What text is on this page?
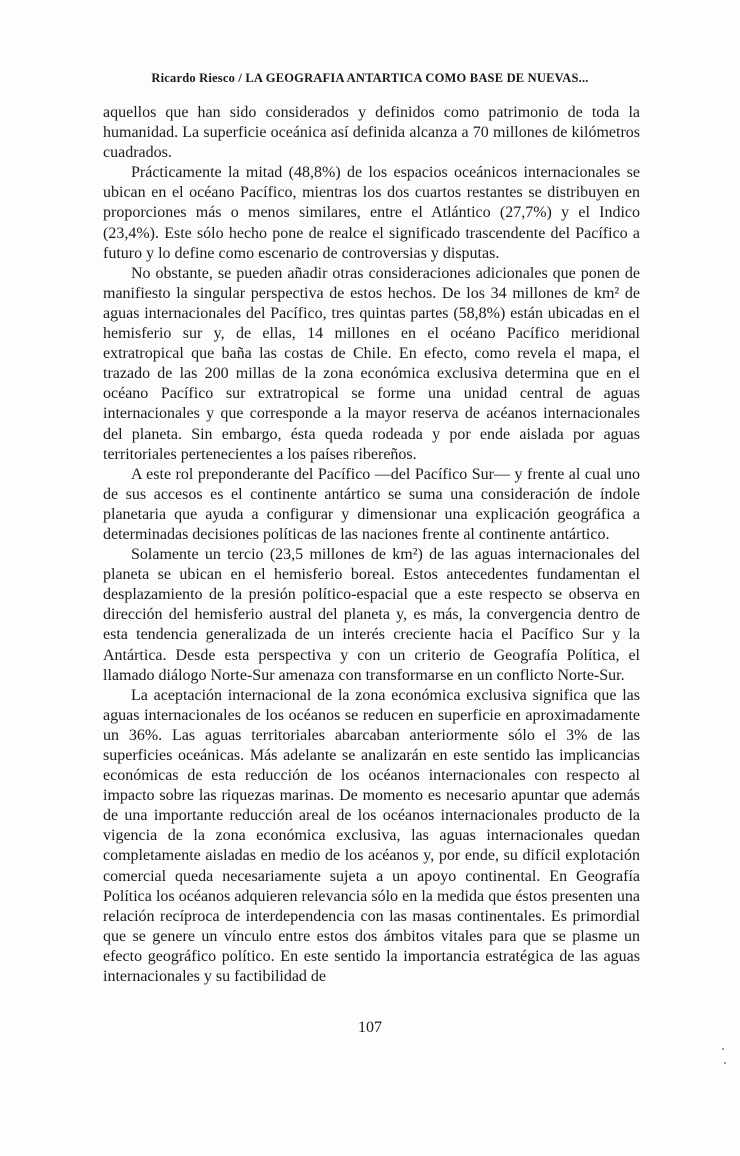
Ricardo Riesco / LA GEOGRAFIA ANTARTICA COMO BASE DE NUEVAS...

aquellos que han sido considerados y definidos como patrimonio de toda la humanidad. La superficie oceánica así definida alcanza a 70 millones de kilómetros cuadrados.

Prácticamente la mitad (48,8%) de los espacios oceánicos internacionales se ubican en el océano Pacífico, mientras los dos cuartos restantes se distribuyen en proporciones más o menos similares, entre el Atlántico (27,7%) y el Indico (23,4%). Este sólo hecho pone de realce el significado trascendente del Pacífico a futuro y lo define como escenario de controversias y disputas.

No obstante, se pueden añadir otras consideraciones adicionales que ponen de manifiesto la singular perspectiva de estos hechos. De los 34 millones de km² de aguas internacionales del Pacífico, tres quintas partes (58,8%) están ubicadas en el hemisferio sur y, de ellas, 14 millones en el océano Pacífico meridional extratropical que baña las costas de Chile. En efecto, como revela el mapa, el trazado de las 200 millas de la zona económica exclusiva determina que en el océano Pacífico sur extratropical se forme una unidad central de aguas internacionales y que corresponde a la mayor reserva de acéanos internacionales del planeta. Sin embargo, ésta queda rodeada y por ende aislada por aguas territoriales pertenecientes a los países ribereños.

A este rol preponderante del Pacífico —del Pacífico Sur— y frente al cual uno de sus accesos es el continente antártico se suma una consideración de índole planetaria que ayuda a configurar y dimensionar una explicación geográfica a determinadas decisiones políticas de las naciones frente al continente antártico.

Solamente un tercio (23,5 millones de km²) de las aguas internacionales del planeta se ubican en el hemisferio boreal. Estos antecedentes fundamentan el desplazamiento de la presión político-espacial que a este respecto se observa en dirección del hemisferio austral del planeta y, es más, la convergencia dentro de esta tendencia generalizada de un interés creciente hacia el Pacífico Sur y la Antártica. Desde esta perspectiva y con un criterio de Geografía Política, el llamado diálogo Norte-Sur amenaza con transformarse en un conflicto Norte-Sur.

La aceptación internacional de la zona económica exclusiva significa que las aguas internacionales de los océanos se reducen en superficie en aproximadamente un 36%. Las aguas territoriales abarcaban anteriormente sólo el 3% de las superficies oceánicas. Más adelante se analizarán en este sentido las implicancias económicas de esta reducción de los océanos internacionales con respecto al impacto sobre las riquezas marinas. De momento es necesario apuntar que además de una importante reducción areal de los océanos internacionales producto de la vigencia de la zona económica exclusiva, las aguas internacionales quedan completamente aisladas en medio de los acéanos y, por ende, su difícil explotación comercial queda necesariamente sujeta a un apoyo continental. En Geografía Política los océanos adquieren relevancia sólo en la medida que éstos presenten una relación recíproca de interdependencia con las masas continentales. Es primordial que se genere un vínculo entre estos dos ámbitos vitales para que se plasme un efecto geográfico político. En este sentido la importancia estratégica de las aguas internacionales y su factibilidad de

107
